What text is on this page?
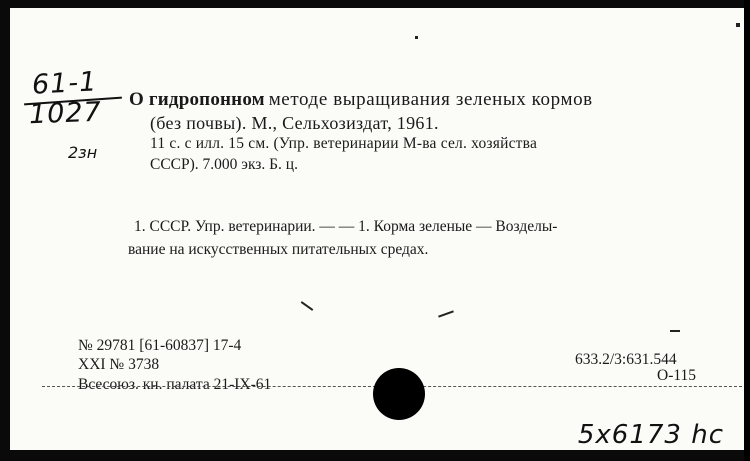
61-1
1027
2зн
О гидропонном методе выращивания зеленых кормов
(без почвы). М., Сельхозиздат, 1961.
11 с. с илл. 15 см. (Упр. ветеринарии М-ва сел. хозяйства
СССР). 7.000 экз. Б. ц.
1. СССР. Упр. ветеринарии. — — 1. Корма зеленые — Возделы-
вание на искусственных питательных средах.
№ 29781 [61-60837] 17-4
XXI № 3738
Всесоюз. кн. палата 21-IX-61
633.2/3:631.544
О-115
5x6173 hc
